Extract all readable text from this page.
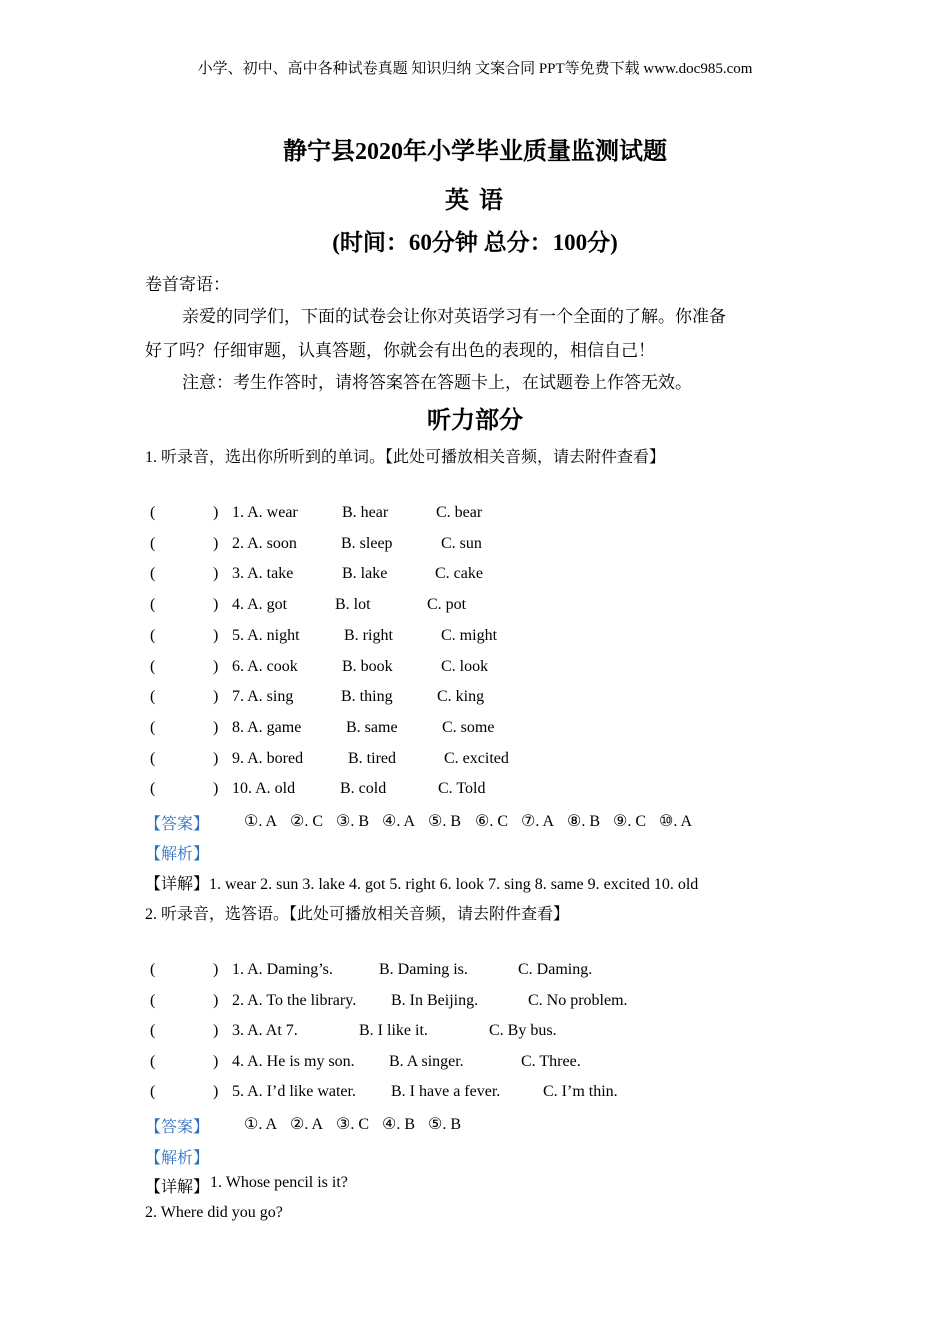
小学、初中、高中各种试卷真题 知识归纳 文案合同 PPT等免费下载 www.doc985.com
静宁县2020年小学毕业质量监测试题
英 语
(时间：60分钟 总分：100分)
卷首寄语：
亲爱的同学们，下面的试卷会让你对英语学习有一个全面的了解。你准备
好了吗？仔细审题，认真答题，你就会有出色的表现的，相信自己！
注意：考生作答时，请将答案答在答题卡上，在试题卷上作答无效。
听力部分
1. 听录音，选出你所听到的单词。【此处可播放相关音频，请去附件查看】
(	) 1. A. wear	B. hear	C. bear
(	) 2. A. soon	B. sleep	C. sun
(	) 3. A. take	B. lake	C. cake
(	) 4. A. got	B. lot	C. pot
(	) 5. A. night	B. right	C. might
(	) 6. A. cook	B. book	C. look
(	) 7. A. sing	B. thing	C. king
(	) 8. A. game	B. same	C. some
(	) 9. A. bored	B. tired	C. excited
(	) 10. A. old	B. cold	C. Told
【答案】 ①. A ②. C ③. B ④. A ⑤. B ⑥. C ⑦. A ⑧. B ⑨. C ⑩. A
【解析】
【详解】1. wear 2. sun 3. lake 4. got 5. right 6. look 7. sing 8. same 9. excited 10. old
2. 听录音，选答语。【此处可播放相关音频，请去附件查看】
(	) 1. A. Daming’s.	B. Daming is.	C. Daming.
(	) 2. A. To the library. B. In Beijing.	C. No problem.
(	) 3. A. At 7.	B. I like it.	C. By bus.
(	) 4. A. He is my son. B. A singer.	C. Three.
(	) 5. A. I’d like water. B. I have a fever.	C. I’m thin.
【答案】 ①. A ②. A ③. C ④. B ⑤. B
【解析】
【详解】 1. Whose pencil is it?
2. Where did you go?
